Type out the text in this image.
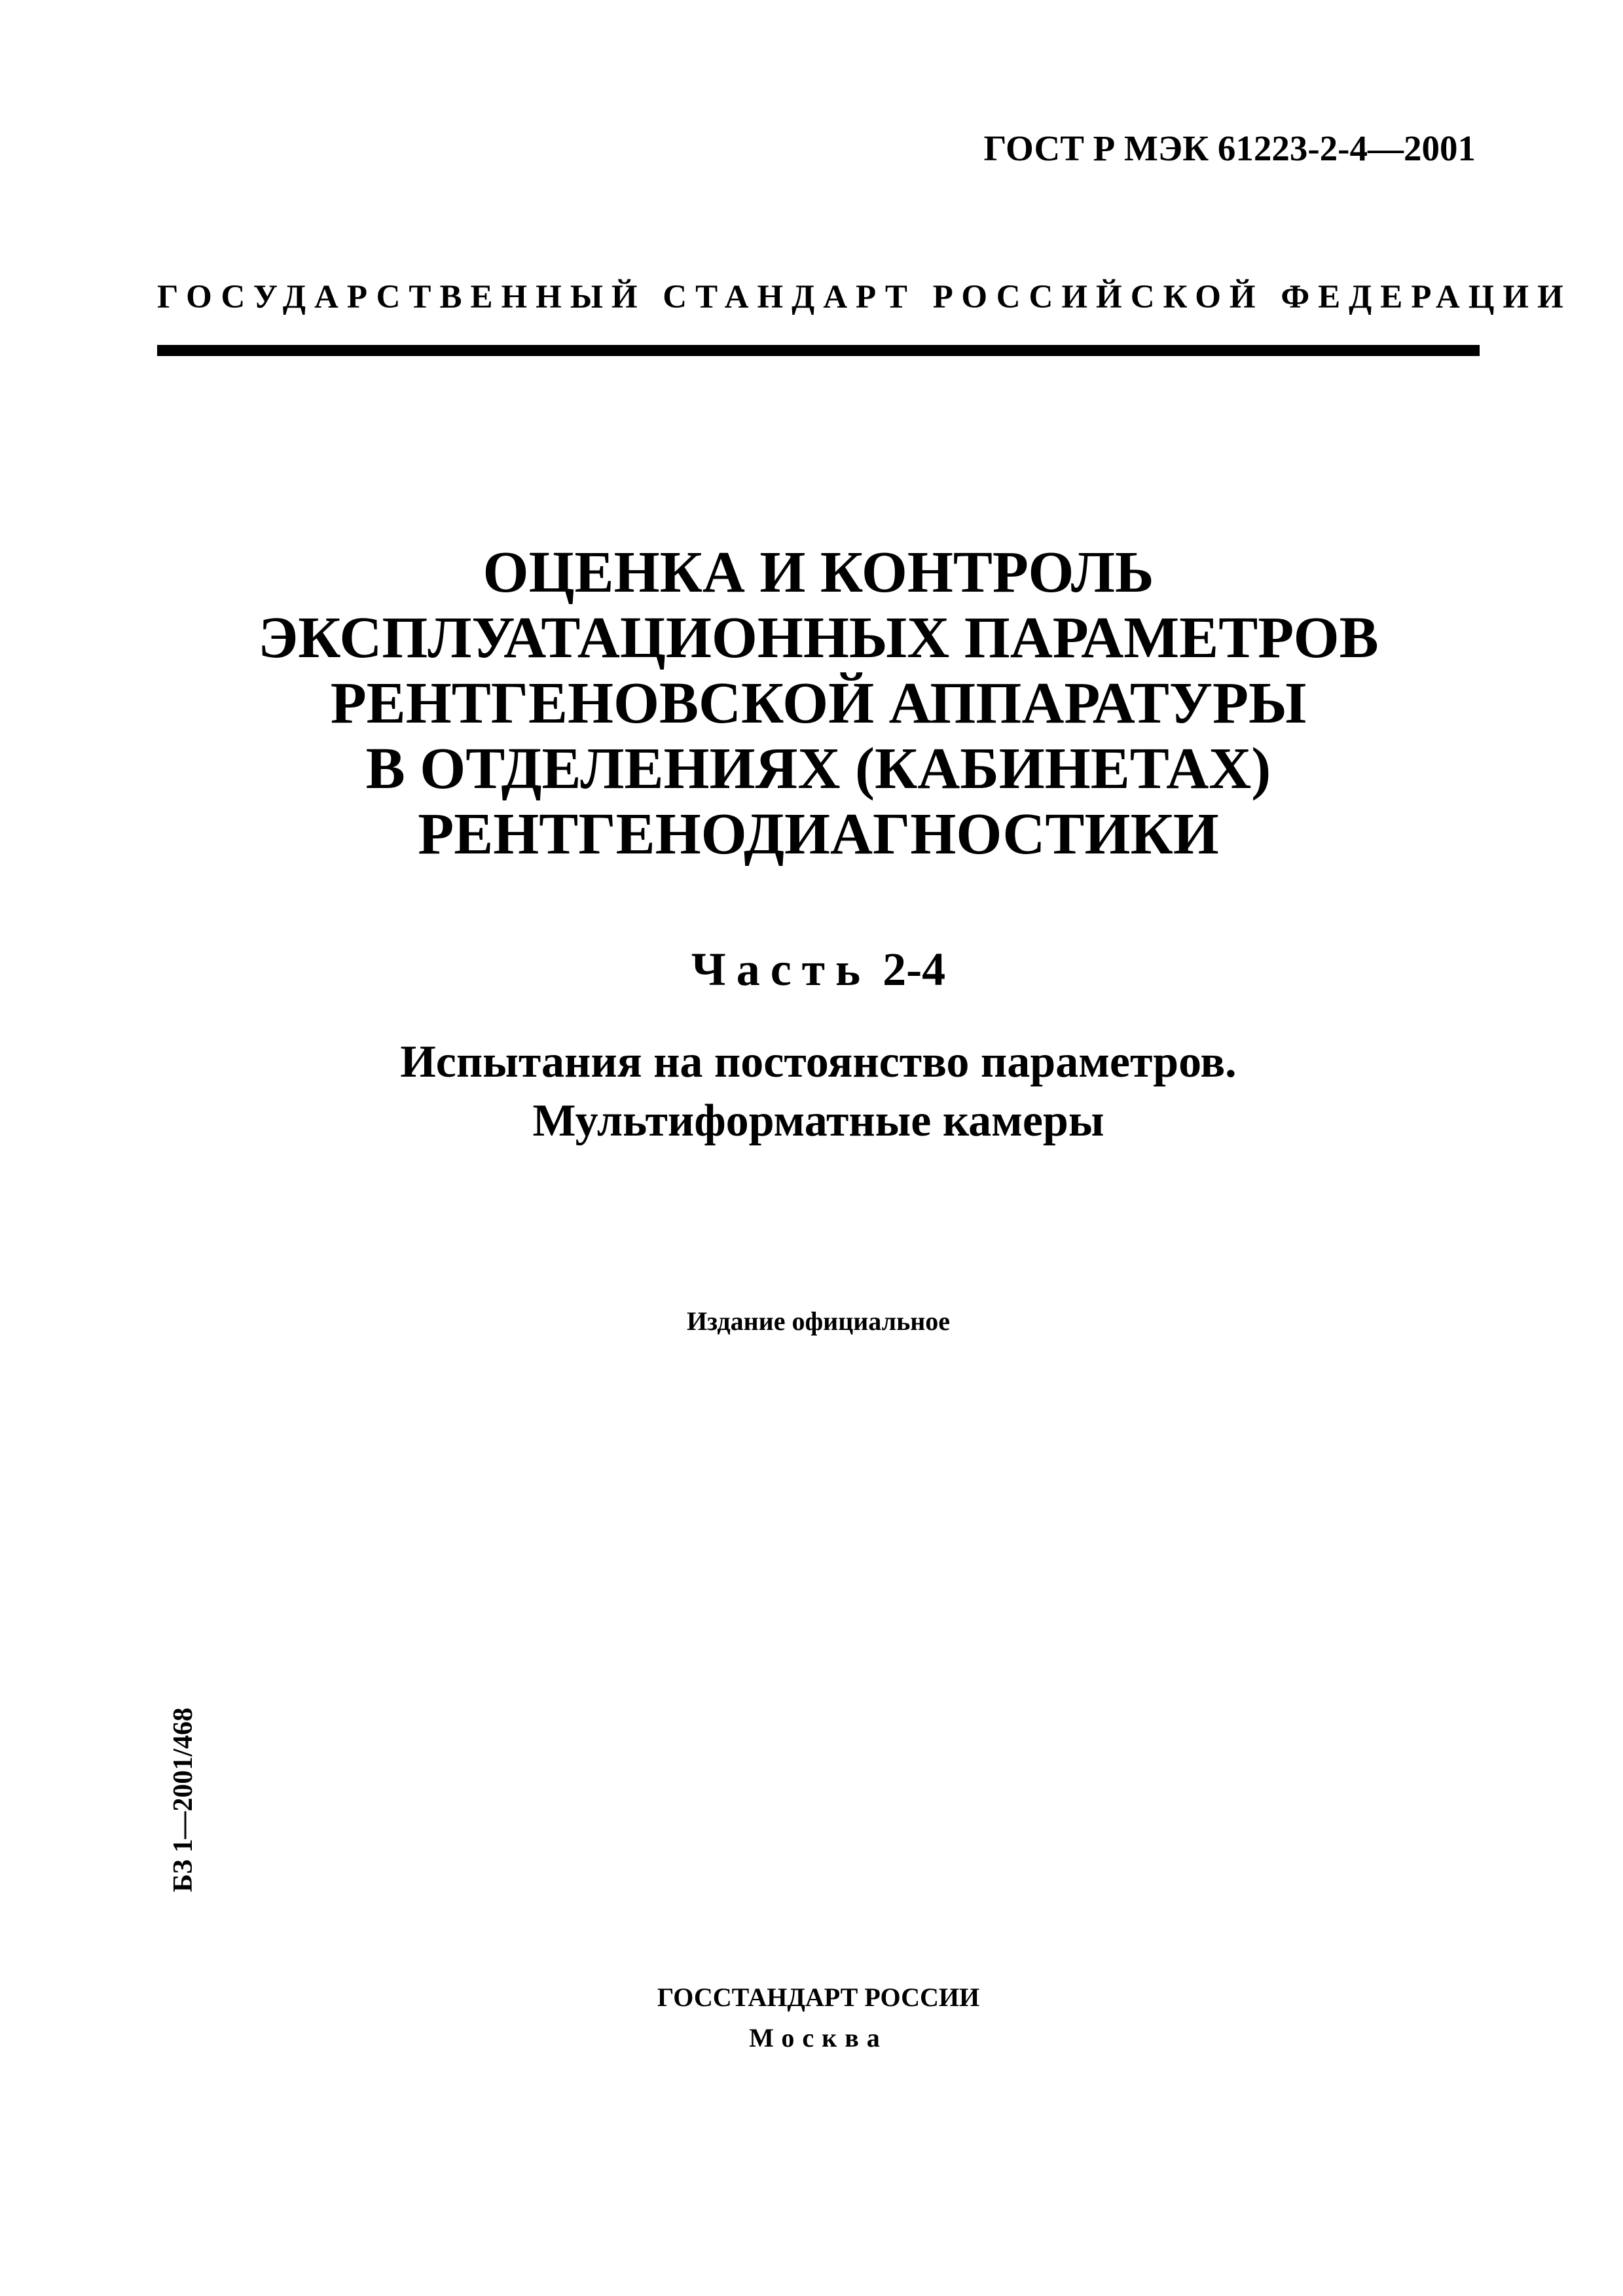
ГОСТ Р МЭК 61223-2-4—2001
ГОСУДАРСТВЕННЫЙ СТАНДАРТ РОССИЙСКОЙ ФЕДЕРАЦИИ
ОЦЕНКА И КОНТРОЛЬ
ЭКСПЛУАТАЦИОННЫХ ПАРАМЕТРОВ
РЕНТГЕНОВСКОЙ АППАРАТУРЫ
В ОТДЕЛЕНИЯХ (КАБИНЕТАХ)
РЕНТГЕНОДИАГНОСТИКИ
Часть 2-4
Испытания на постоянство параметров.
Мультиформатные камеры
Издание официальное
БЗ 1—2001/468
ГОССТАНДАРТ РОССИИ
Москва
